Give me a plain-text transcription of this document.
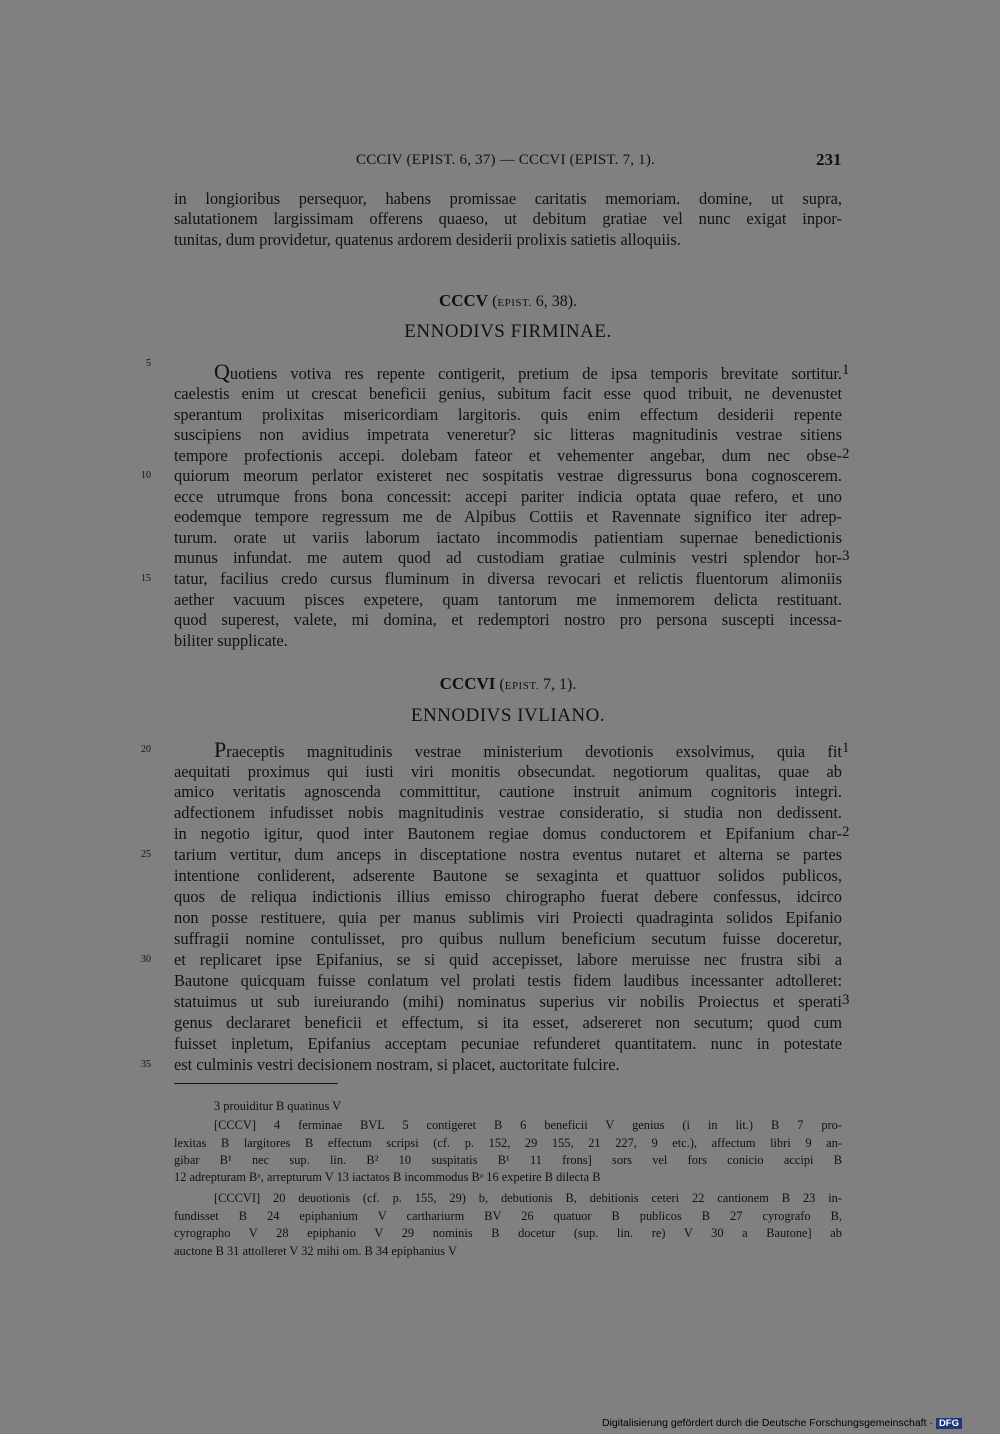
CCCIV (EPIST. 6, 37) — CCCVI (EPIST. 7, 1).	231
in longioribus persequor, habens promissae caritatis memoriam. domine, ut supra,
salutationem largissimam offerens quaeso, ut debitum gratiae vel nunc exigat inpor-
tunitas, dum providetur, quatenus ardorem desiderii prolixis satietis alloquiis.
CCCV (EPIST. 6, 38).
ENNODIVS FIRMINAE.
Quotiens votiva res repente contigerit, pretium de ipsa temporis brevitate sortitur.
caelestis enim ut crescat beneficii genius, subitum facit esse quod tribuit, ne devenustet
sperantum prolixitas misericordiam largitoris. quis enim effectum desiderii repente
suscipiens non avidius impetrata veneretur? sic litteras magnitudinis vestrae sitiens
tempore profectionis accepi. dolebam fateor et vehementer angebar, dum nec obse-
quiorum meorum perlator existeret nec sospitatis vestrae digressurus bona cognoscerem.
ecce utrumque frons bona concessit: accepi pariter indicia optata quae refero, et uno
eodemque tempore regressum me de Alpibus Cottiis et Ravennate significo iter adrep-
turum. orate ut variis laborum iactato incommodis patientiam supernae benedictionis
munus infundat. me autem quod ad custodiam gratiae culminis vestri splendor hor-
tatur, facilius credo cursus fluminum in diversa revocari et relictis fluentorum alimoniis
aether vacuum pisces expetere, quam tantorum me inmemorem delicta restituant.
quod superest, valete, mi domina, et redemptori nostro pro persona suscepti incessa-
biliter supplicate.
5
10
15
1
2
3
CCCVI (EPIST. 7, 1).
ENNODIVS IVLIANO.
Praeceptis magnitudinis vestrae ministerium devotionis exsolvimus, quia fit
aequitati proximus qui iusti viri monitis obsecundat. negotiorum qualitas, quae ab
amico veritatis agnoscenda committitur, cautione instruit animum cognitoris integri.
adfectionem infudisset nobis magnitudinis vestrae consideratio, si studia non dedissent.
in negotio igitur, quod inter Bautonem regiae domus conductorem et Epifanium char-
tarium vertitur, dum anceps in disceptatione nostra eventus nutaret et alterna se partes
intentione conliderent, adserente Bautone se sexaginta et quattuor solidos publicos,
quos de reliqua indictionis illius emisso chirographo fuerat debere confessus, idcirco
non posse restituere, quia per manus sublimis viri Proiecti quadraginta solidos Epifanio
suffragii nomine contulisset, pro quibus nullum beneficium secutum fuisse doceretur,
et replicaret ipse Epifanius, se si quid accepisset, labore meruisse nec frustra sibi a
Bautone quicquam fuisse conlatum vel prolati testis fidem laudibus incessanter adtolleret:
statuimus ut sub iureiurando (mihi) nominatus superius vir nobilis Proiectus et sperati
genus declararet beneficii et effectum, si ita esset, adsereret non secutum; quod cum
fuisset inpletum, Epifanius acceptam pecuniae refunderet quantitatem. nunc in potestate
est culminis vestri decisionem nostram, si placet, auctoritate fulcire.
20
25
30
35
1
2
3
3 prouiditur B quatinus V
[CCCV] 4 ferminae BVL 5 contigeret B 6 beneficii V genius (i in lit.) B 7 pro-
lexitas B largitores B effectum scripsi (cf. p. 152, 29 155, 21 227, 9 etc.), affectum libri 9 an-
gibar B¹ nec sup. lin. B² 10 suspitatis B¹ 11 frons] sors vel fors conicio accipi B
12 adrepturam Bᵃ, arrepturum V 13 iactatos B incommodus Bᵃ 16 expetire B dilecta B
[CCCVI] 20 deuotionis (cf. p. 155, 29) b, debutionis B, debitionis ceteri 22 cantionem B 23 in-
fundisset B 24 epiphanium V carthariurm BV 26 quatuor B publicos B 27 cyrografo B,
cyrographo V 28 epiphanio V 29 nominis B docetur (sup. lin. re) V 30 a Bautone] ab
auctone B 31 attolleret V 32 mihi om. B 34 epiphanius V
Digitalisierung gefördert durch die Deutsche Forschungsgemeinschaft · DFG
